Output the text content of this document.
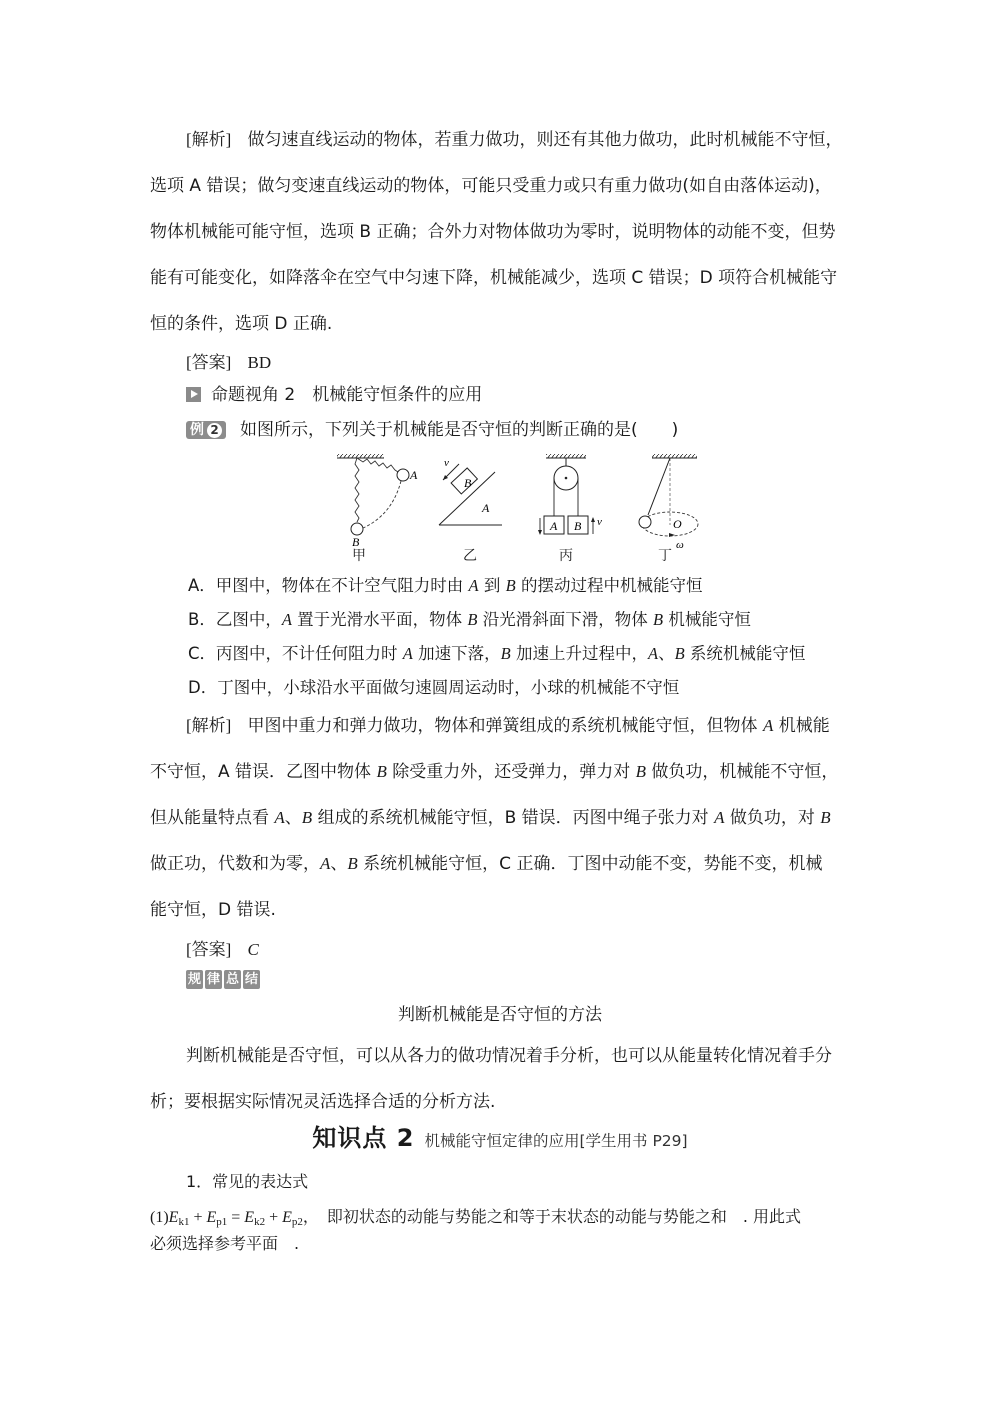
[解析] 做匀速直线运动的物体，若重力做功，则还有其他力做功，此时机械能不守恒，
选项 A 错误；做匀变速直线运动的物体，可能只受重力或只有重力做功(如自由落体运动)，
物体机械能可能守恒，选项 B 正确；合外力对物体做功为零时，说明物体的动能不变，但势
能有可能变化，如降落伞在空气中匀速下降，机械能减少，选项 C 错误；D 项符合机械能守
恒的条件，选项 D 正确.
[答案] BD
命题视角 2　机械能守恒条件的应用
例 2 如图所示，下列关于机械能是否守恒的判断正确的是(　　)
A
B
B
A
v
A B v	O
ω
甲	乙	丙	丁
A．甲图中，物体在不计空气阻力时由 A 到 B 的摆动过程中机械能守恒
B．乙图中，A 置于光滑水平面，物体 B 沿光滑斜面下滑，物体 B 机械能守恒
C．丙图中，不计任何阻力时 A 加速下落，B 加速上升过程中，A、B 系统机械能守恒
D．丁图中，小球沿水平面做匀速圆周运动时，小球的机械能不守恒
[解析] 甲图中重力和弹力做功，物体和弹簧组成的系统机械能守恒，但物体 A 机械能
不守恒，A 错误．乙图中物体 B 除受重力外，还受弹力，弹力对 B 做负功，机械能不守恒，
但从能量特点看 A、B 组成的系统机械能守恒，B 错误．丙图中绳子张力对 A 做负功，对 B
做正功，代数和为零，A、B 系统机械能守恒，C 正确．丁图中动能不变，势能不变，机械
能守恒，D 错误.
[答案] C
规 律 总 结
判断机械能是否守恒的方法
判断机械能是否守恒，可以从各力的做功情况着手分析，也可以从能量转化情况着手分
析；要根据实际情况灵活选择合适的分析方法.
知识点 2 机械能守恒定律的应用[学生用书 P29]
1．常见的表达式
$(1)E_{k1} + E_{p1} = E_{k2} + E_{p2}$，　即初状态的动能与势能之和等于末状态的动能与势能之和　. 用此式
必须选择参考平面　.
